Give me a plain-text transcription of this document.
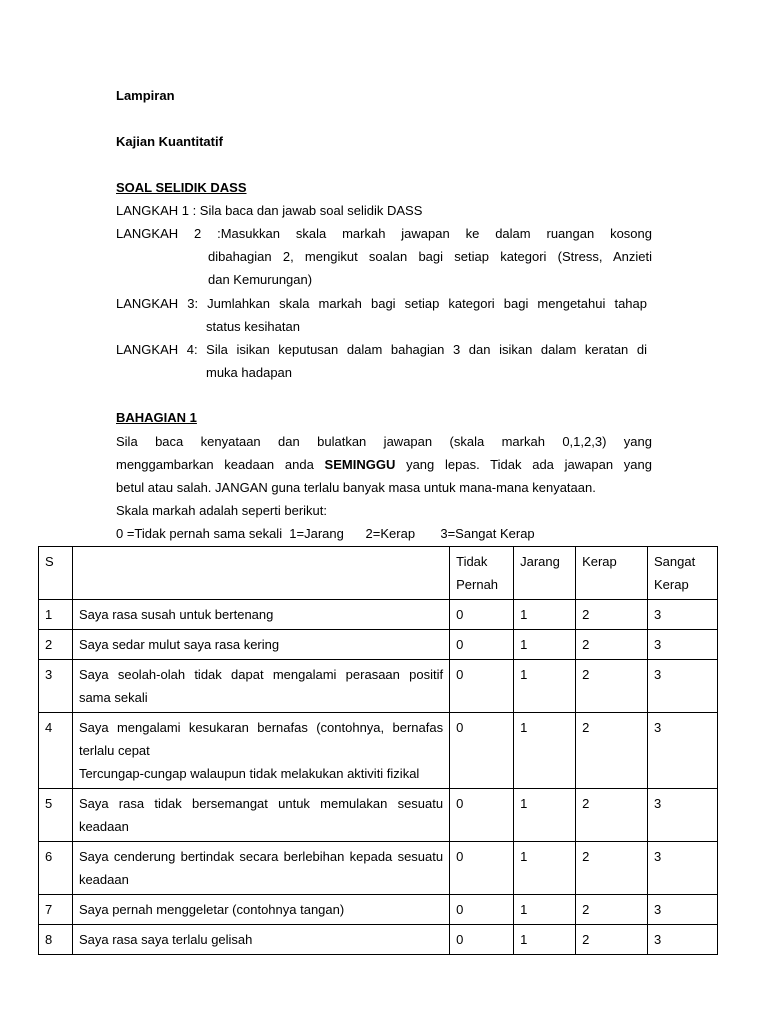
Lampiran
Kajian Kuantitatif
SOAL SELIDIK DASS
LANGKAH 1 : Sila baca dan jawab soal selidik DASS
LANGKAH 2 :Masukkan skala markah jawapan ke dalam ruangan kosong
dibahagian 2, mengikut soalan bagi setiap kategori (Stress, Anzieti
dan Kemurungan)
LANGKAH 3: Jumlahkan skala markah bagi setiap kategori bagi mengetahui tahap
status kesihatan
LANGKAH 4: Sila isikan keputusan dalam bahagian 3 dan isikan dalam keratan di
muka hadapan
BAHAGIAN 1
Sila baca kenyataan dan bulatkan jawapan (skala markah 0,1,2,3) yang
menggambarkan keadaan anda SEMINGGU yang lepas. Tidak ada jawapan yang
betul atau salah. JANGAN guna terlalu banyak masa untuk mana-mana kenyataan.
Skala markah adalah seperti berikut:
0 =Tidak pernah sama sekali  1=Jarang      2=Kerap       3=Sangat Kerap
S		Tidak Pernah	Jarang	Kerap	Sangat Kerap
1	Saya rasa susah untuk bertenang	0	1	2	3
2	Saya sedar mulut saya rasa kering	0	1	2	3
3	Saya seolah-olah tidak dapat mengalami perasaan positif sama sekali	0	1	2	3
4	Saya mengalami kesukaran bernafas (contohnya, bernafas terlalu cepat
Tercungap-cungap walaupun tidak melakukan aktiviti fizikal	0	1	2	3
5	Saya rasa tidak bersemangat untuk memulakan sesuatu keadaan	0	1	2	3
6	Saya cenderung bertindak secara berlebihan kepada sesuatu keadaan	0	1	2	3
7	Saya pernah menggeletar (contohnya tangan)	0	1	2	3
8	Saya rasa saya terlalu gelisah	0	1	2	3
